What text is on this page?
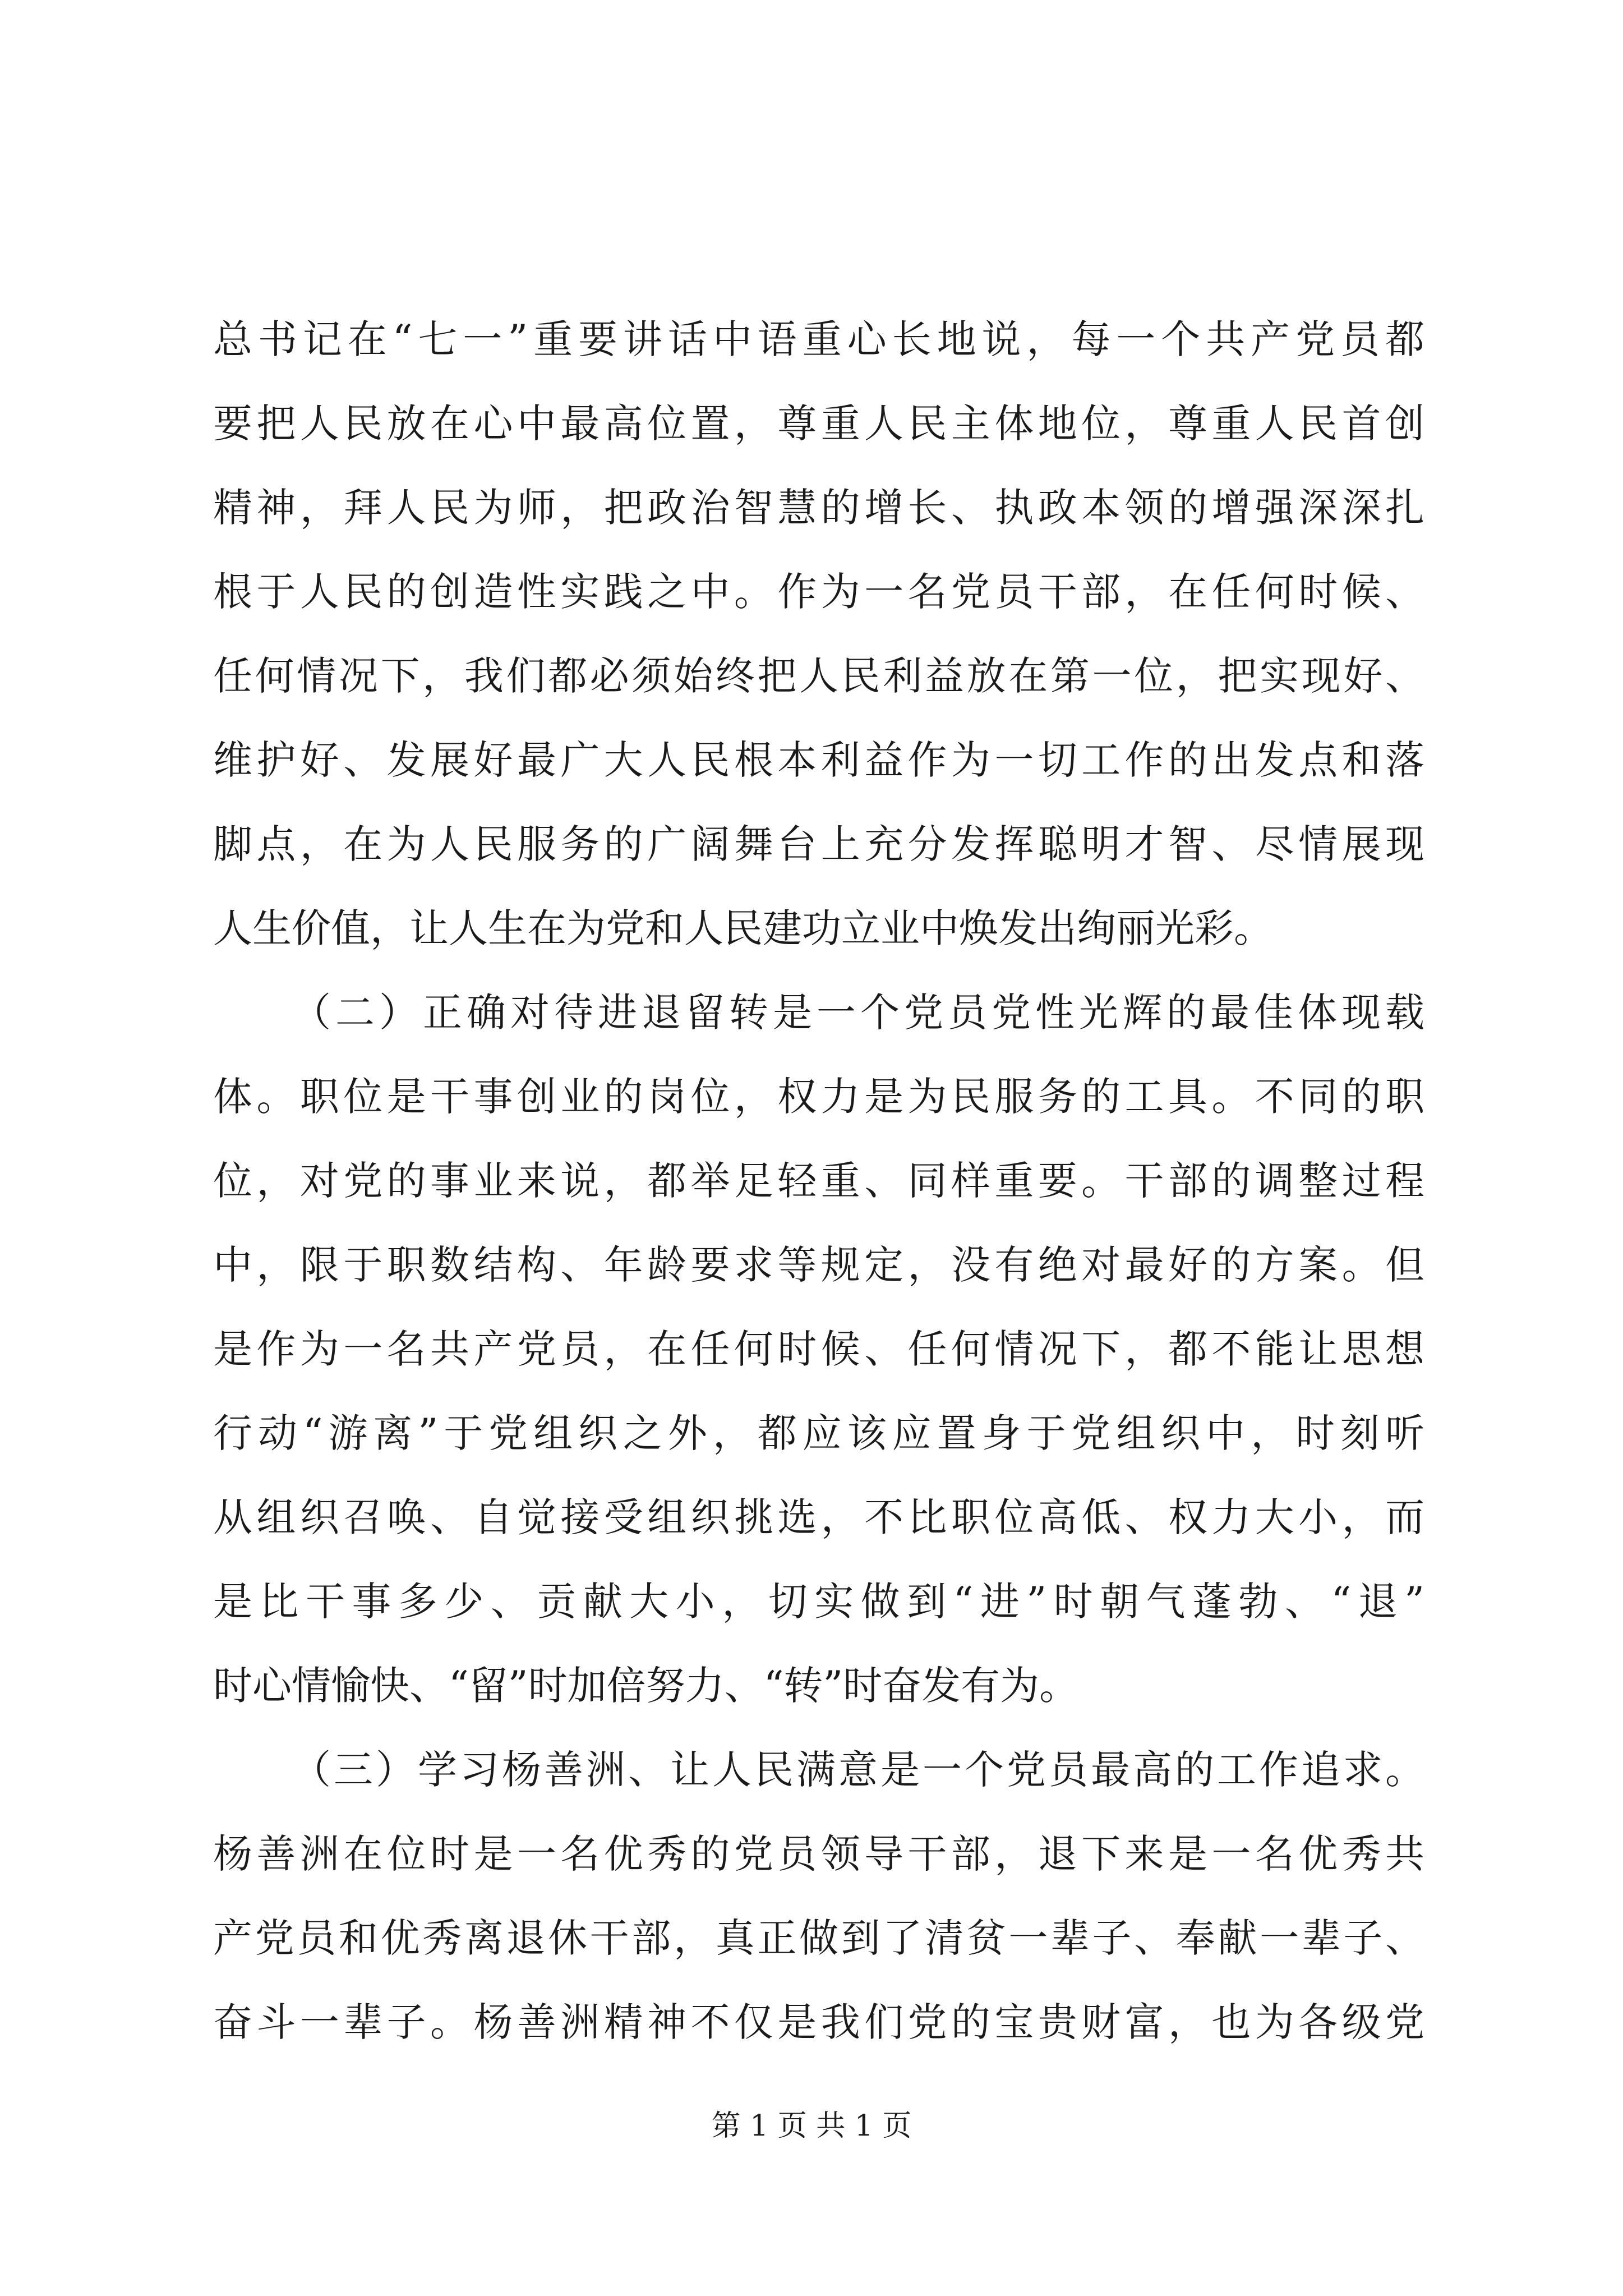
总书记在“七一”重要讲话中语重心长地说，每一个共产党员都
要把人民放在心中最高位置，尊重人民主体地位，尊重人民首创
精神，拜人民为师，把政治智慧的增长、执政本领的增强深深扎
根于人民的创造性实践之中。作为一名党员干部，在任何时候、
任何情况下，我们都必须始终把人民利益放在第一位，把实现好、
维护好、发展好最广大人民根本利益作为一切工作的出发点和落
脚点，在为人民服务的广阔舞台上充分发挥聪明才智、尽情展现
人生价值，让人生在为党和人民建功立业中焕发出绚丽光彩。
（二）正确对待进退留转是一个党员党性光辉的最佳体现载
体。职位是干事创业的岗位，权力是为民服务的工具。不同的职
位，对党的事业来说，都举足轻重、同样重要。干部的调整过程
中，限于职数结构、年龄要求等规定，没有绝对最好的方案。但
是作为一名共产党员，在任何时候、任何情况下，都不能让思想
行动“游离”于党组织之外，都应该应置身于党组织中，时刻听
从组织召唤、自觉接受组织挑选，不比职位高低、权力大小，而
是比干事多少、贡献大小，切实做到“进”时朝气蓬勃、“退”
时心情愉快、“留”时加倍努力、“转”时奋发有为。
（三）学习杨善洲、让人民满意是一个党员最高的工作追求。
杨善洲在位时是一名优秀的党员领导干部，退下来是一名优秀共
产党员和优秀离退休干部，真正做到了清贫一辈子、奉献一辈子、
奋斗一辈子。杨善洲精神不仅是我们党的宝贵财富，也为各级党
第 1 页 共 1 页
